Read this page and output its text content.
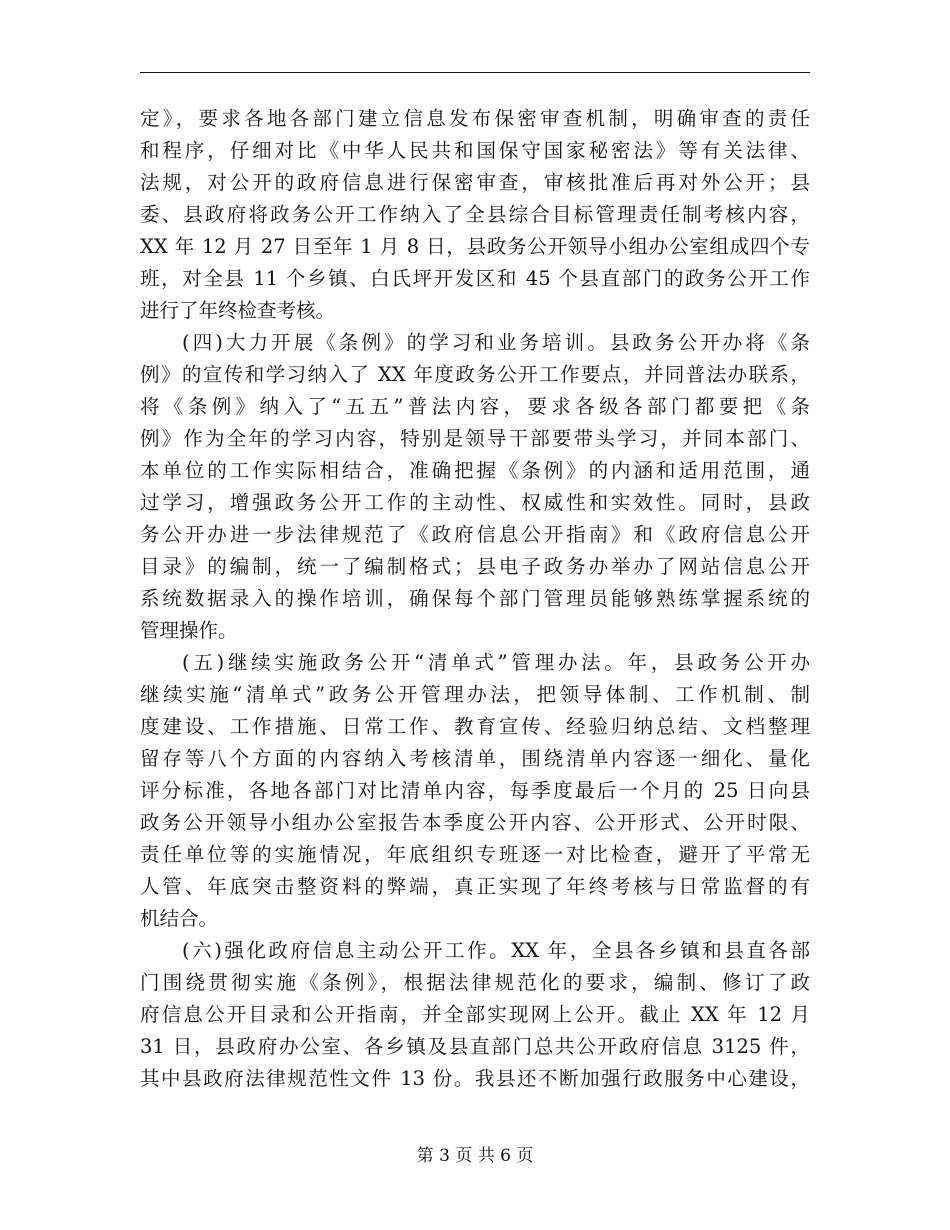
定》，要求各地各部门建立信息发布保密审查机制，明确审查的责任
和程序，仔细对比《中华人民共和国保守国家秘密法》等有关法律、
法规，对公开的政府信息进行保密审查，审核批准后再对外公开；县
委、县政府将政务公开工作纳入了全县综合目标管理责任制考核内容，
XX 年 12 月 27 日至年 1 月 8 日，县政务公开领导小组办公室组成四个专
班，对全县 11 个乡镇、白氏坪开发区和 45 个县直部门的政务公开工作
进行了年终检查考核。
(四)大力开展《条例》的学习和业务培训。县政务公开办将《条
例》的宣传和学习纳入了 XX 年度政务公开工作要点，并同普法办联系，
将《条例》纳入了“五五”普法内容，要求各级各部门都要把《条
例》作为全年的学习内容，特别是领导干部要带头学习，并同本部门、
本单位的工作实际相结合，准确把握《条例》的内涵和适用范围，通
过学习，增强政务公开工作的主动性、权威性和实效性。同时，县政
务公开办进一步法律规范了《政府信息公开指南》和《政府信息公开
目录》的编制，统一了编制格式；县电子政务办举办了网站信息公开
系统数据录入的操作培训，确保每个部门管理员能够熟练掌握系统的
管理操作。
(五)继续实施政务公开“清单式”管理办法。年，县政务公开办
继续实施“清单式”政务公开管理办法，把领导体制、工作机制、制
度建设、工作措施、日常工作、教育宣传、经验归纳总结、文档整理
留存等八个方面的内容纳入考核清单，围绕清单内容逐一细化、量化
评分标准，各地各部门对比清单内容，每季度最后一个月的 25 日向县
政务公开领导小组办公室报告本季度公开内容、公开形式、公开时限、
责任单位等的实施情况，年底组织专班逐一对比检查，避开了平常无
人管、年底突击整资料的弊端，真正实现了年终考核与日常监督的有
机结合。
(六)强化政府信息主动公开工作。XX 年，全县各乡镇和县直各部
门围绕贯彻实施《条例》，根据法律规范化的要求，编制、修订了政
府信息公开目录和公开指南，并全部实现网上公开。截止 XX 年 12 月
31 日，县政府办公室、各乡镇及县直部门总共公开政府信息 3125 件，
其中县政府法律规范性文件 13 份。我县还不断加强行政服务中心建设，
第 3 页 共 6 页
